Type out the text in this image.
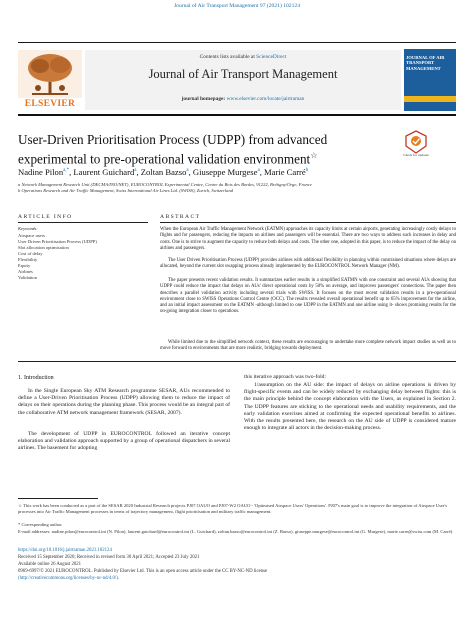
Journal of Air Transport Management 97 (2021) 102124
ELSEVIER
Contents lists available at ScienceDirect
Journal of Air Transport Management
journal homepage: www.elsevier.com/locate/jairtraman
JOURNAL OF AIR TRANSPORT MANAGEMENT
User-Driven Prioritisation Process (UDPP) from advanced experimental to pre-operational validation environment☆	Check for updates
Nadine Pilon$^{a,*}$, Laurent Guichard$^a$, Zoltan Bazso$^a$, Giuseppe Murgese$^a$, Marie Carré$^b$
a Network Management Research Unit (DECMA/INO/NET), EUROCONTROL Experimental Centre, Centre du Bois des Bordes, 91222, Brétigny/Orge, France
b Operations Research and Air Traffic Management, Swiss International Air Lines Ltd. (SWISS), Zurich, Switzerland
ARTICLE INFO	ABSTRACT
Keywords:
Airspace users
User Driven Prioritisation Process (UDPP)
Slot allocation optimisation
Cost of delay
Flexibility
Equity
Airlines
Validation
When the European Air Traffic Management Network (EATMN) approaches its capacity limits at certain airports, generating increasingly costly delays to flights and for passengers, reducing the impacts on airlines and passengers will be essential. There are two ways to address such increases in delay and costs. One is to strive to augment the capacity to reduce both delays and costs. The other one, adopted in this paper, is to reduce the impact of the delay on airlines and passengers.
The User Driven Prioritisation Process (UDPP) provides airlines with additional flexibility in planning within constrained situations where delays are allocated, beyond the current slot swapping process already implemented by the EUROCONTROL Network Manager (NM).
The paper presents recent validation results. It summarizes earlier results in a simplified EATMN with one constraint and several AUs showing that UDPP could reduce the impact that delays on AUs' direct operational costs by 50% on average, and improves passengers' connections. The paper then describes a parallel validation activity including several trials with SWISS. It focuses on the most recent validation results in a pre-operational environment close to SWISS Operations Control Centre (OCC). The results revealed overall operational benefit up to 65% improvement for the airline, and an initial impact assessment on the EATMN -although limited to one UDPP in the EATMN and one airline using it- shows promising results for the on-going integration closer to operations.
While limited due to the simplified network context, these results are encouraging to undertake more complete network impact studies as well as to move forward to environments that are more realistic, bridging towards deployment.
1. Introduction
In the Single European Sky ATM Research programme SESAR, AUs recommended to define a User-Driven Prioritisation Process (UDPP) allowing them to reduce the impact of delays on their operations during the planning phase. This process would be an integral part of the collaborative ATM network management framework (SESAR, 2007).
The development of UDPP in EUROCONTROL followed an iterative concept elaboration and validation approach supported by a group of operational dispatchers in several airlines. The basement for adopting
this iterative approach was two-fold:
1/assumption on the AU side: the impact of delays on airline operations is driven by flight-specific events and can be widely reduced by exchanging delay between flights: this is the main principle behind the concept elaboration with the Users, as explained in Section 2. The UDPP features are sticking to the operational needs and usability requirements, and the early validation exercises aimed at confirming the expected operational benefits to airlines. With the results presented here, the research on the AU side of UDPP is considered mature enough to integrate all actors in the decision-making process.
☆ This work has been conducted as a part of the SESAR 2020 Industrial Research projects PJ07 OAUO and PJ07-W2 OAUO - 'Optimised Airspace Users' Operations'. PJ07's main goal is to improve the integration of Airspace User's processes into Air Traffic Management processes in terms of trajectory management, flight prioritisation and military traffic management.
* Corresponding author.
E-mail addresses: nadine.pilon@eurocontrol.int (N. Pilon), laurent.guichard@eurocontrol.int (L. Guichard), zoltan.bazso@eurocontrol.int (Z. Bazso), giuseppe.murgese@eurocontrol.int (G. Murgese), marie.carre@swiss.com (M. Carré).
https://doi.org/10.1016/j.jairtraman.2021.102124
Received 15 September 2020; Received in revised form 30 April 2021; Accepted 23 July 2021
Available online 26 August 2021
0969-6997/© 2021 EUROCONTROL. Published by Elsevier Ltd. This is an open access article under the CC BY-NC-ND license
(http://creativecommons.org/licenses/by-nc-nd/4.0/).
